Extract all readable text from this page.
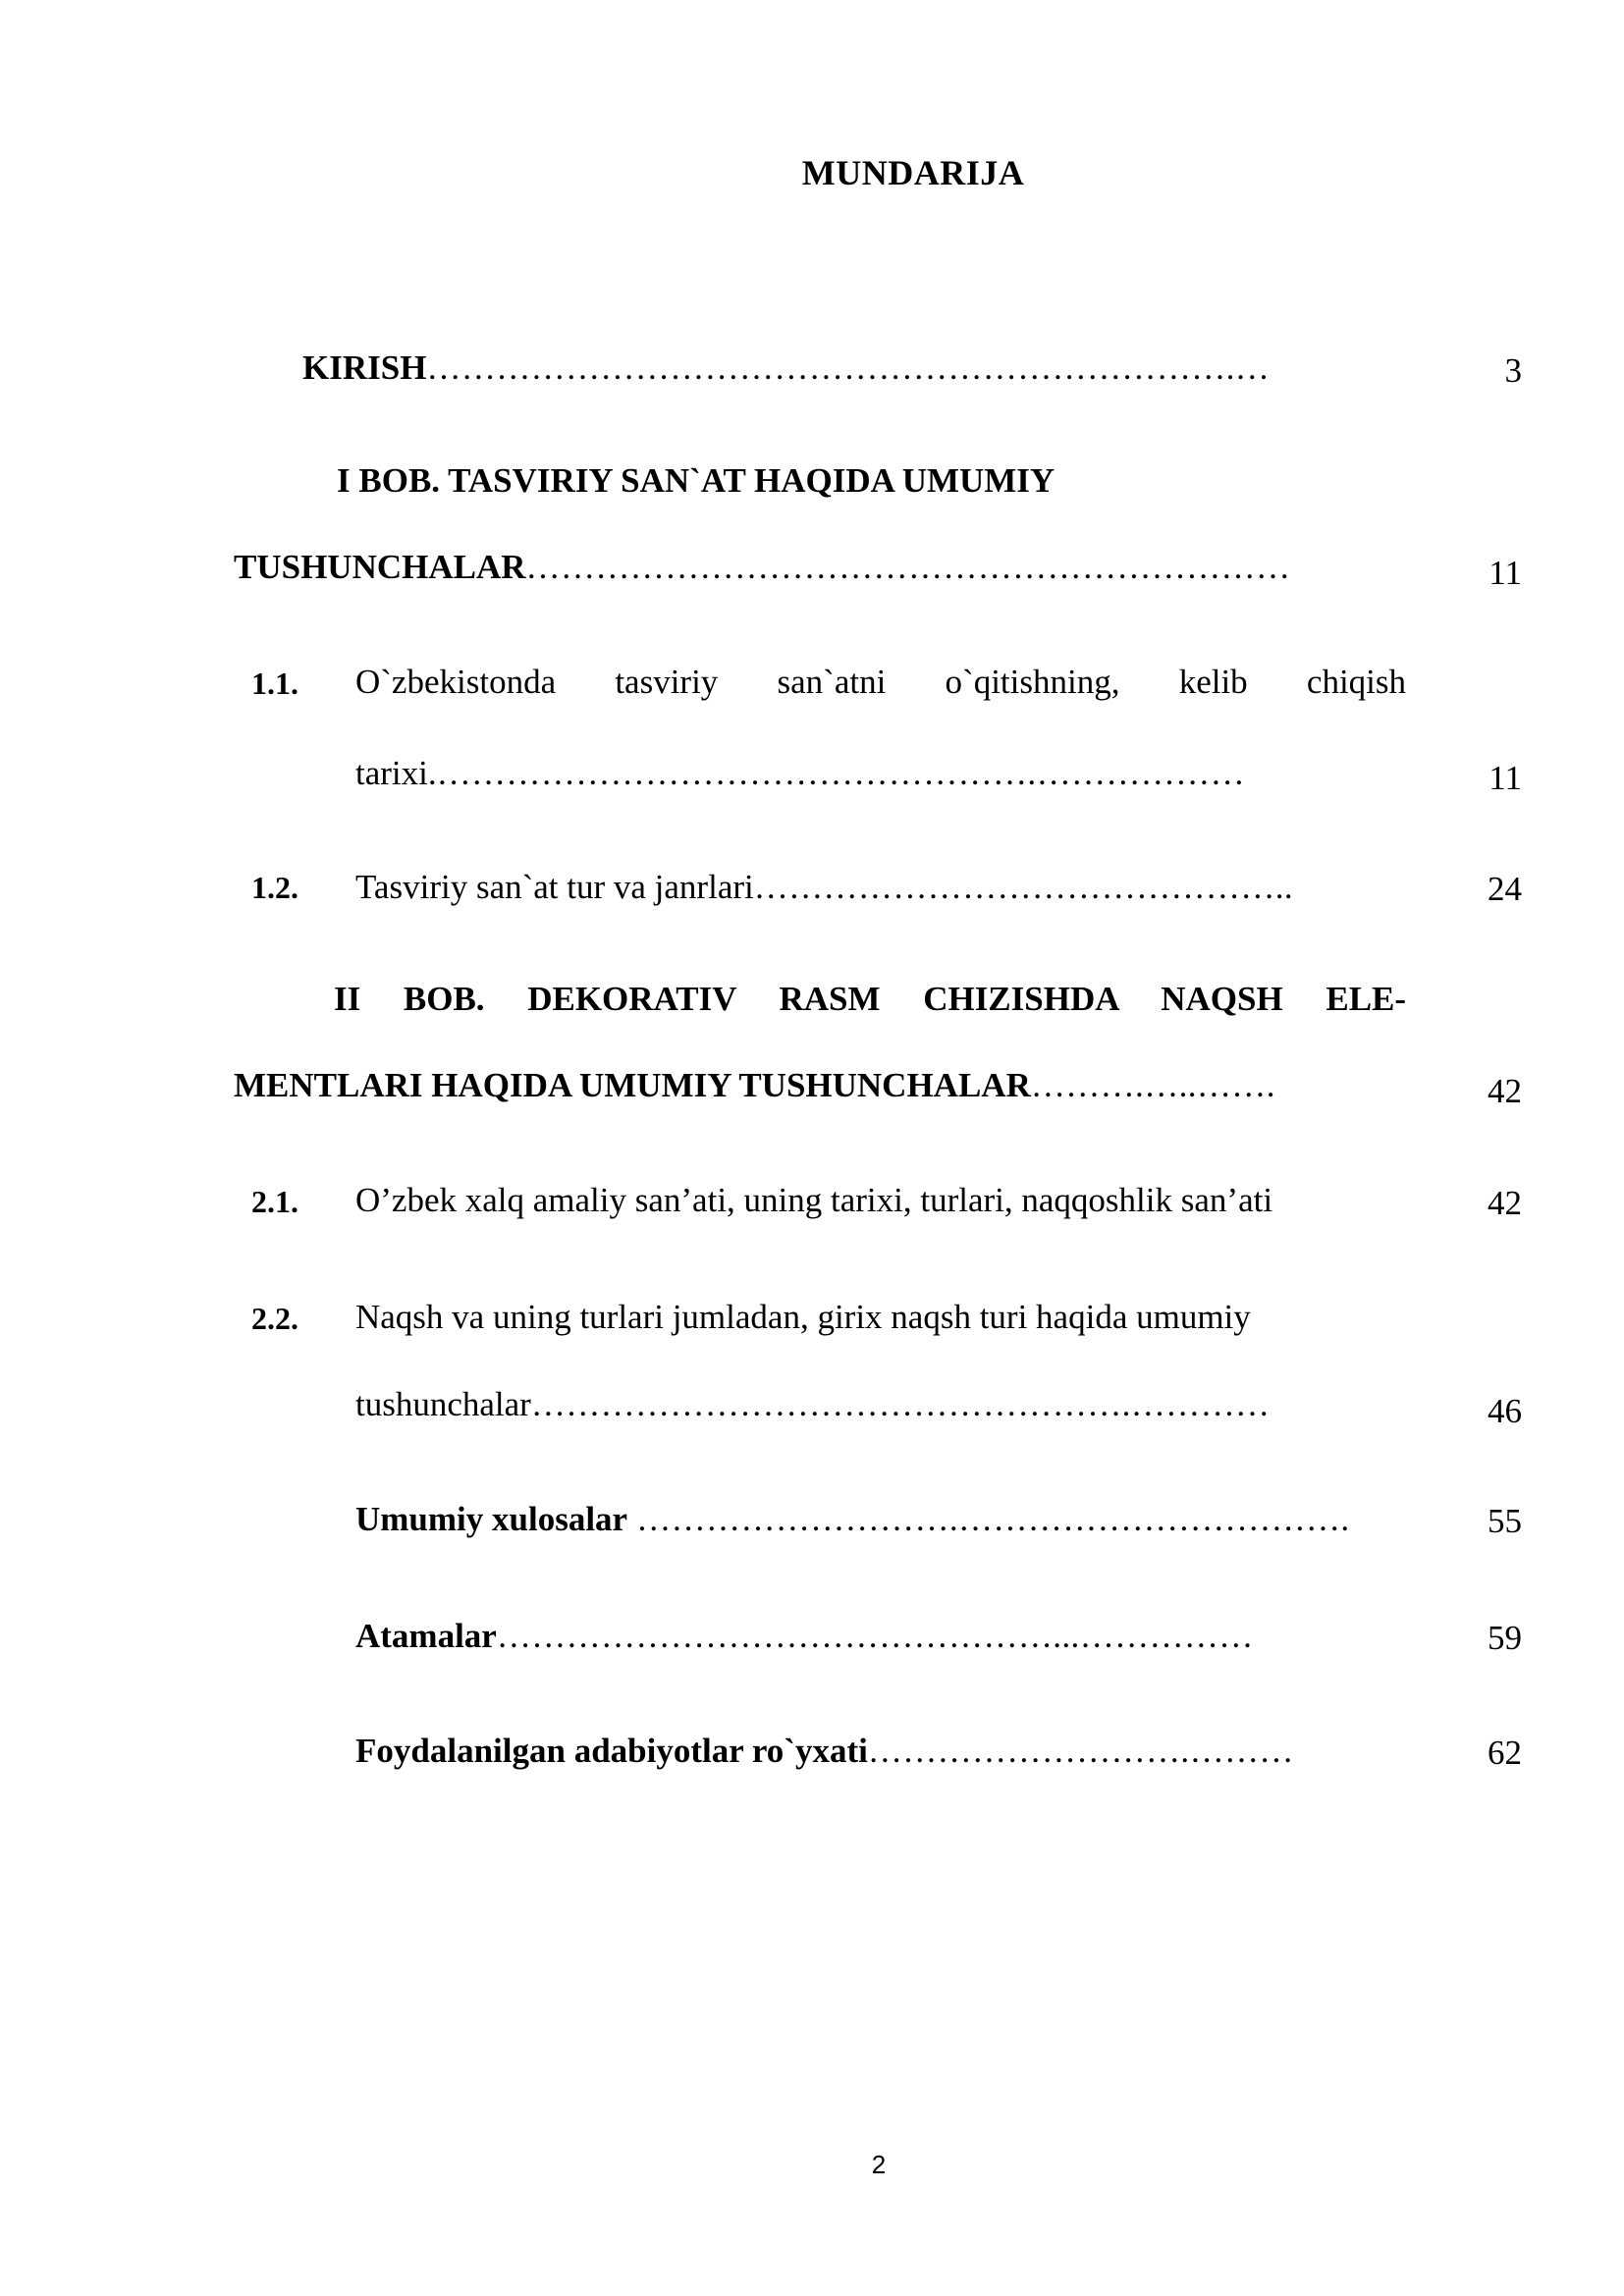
MUNDARIJA
KIRISH…………………………………………………………….…	3
I BOB. TASVIRIY SAN`AT HAQIDA UMUMIY
TUSHUNCHALAR…………………………………………………………	11
1.1. O`zbekistonda tasviriy san`atni o`qitishning, kelib chiqish
tarixi.…………………………………………….………………	11
1.2. Tasviriy san`at tur va janrlari………………………………………..	24
II BOB. DEKORATIV RASM CHIZISHDA NAQSH ELE-
MENTLARI HAQIDA UMUMIY TUSHUNCHALAR……….…..…….	42
2.1. O’zbek xalq amaliy san’ati, uning tarixi, turlari, naqqoshlik san’ati	42
2.2. Naqsh va uning turlari jumladan, girix naqsh turi haqida umumiy
tushunchalar…………………………………………….…………	46
Umumiy xulosalar ……………………….…………………………….	55
Atamalar…………………………………………...……………	59
Foydalanilgan adabiyotlar ro`yxati……………………….………	62
2
